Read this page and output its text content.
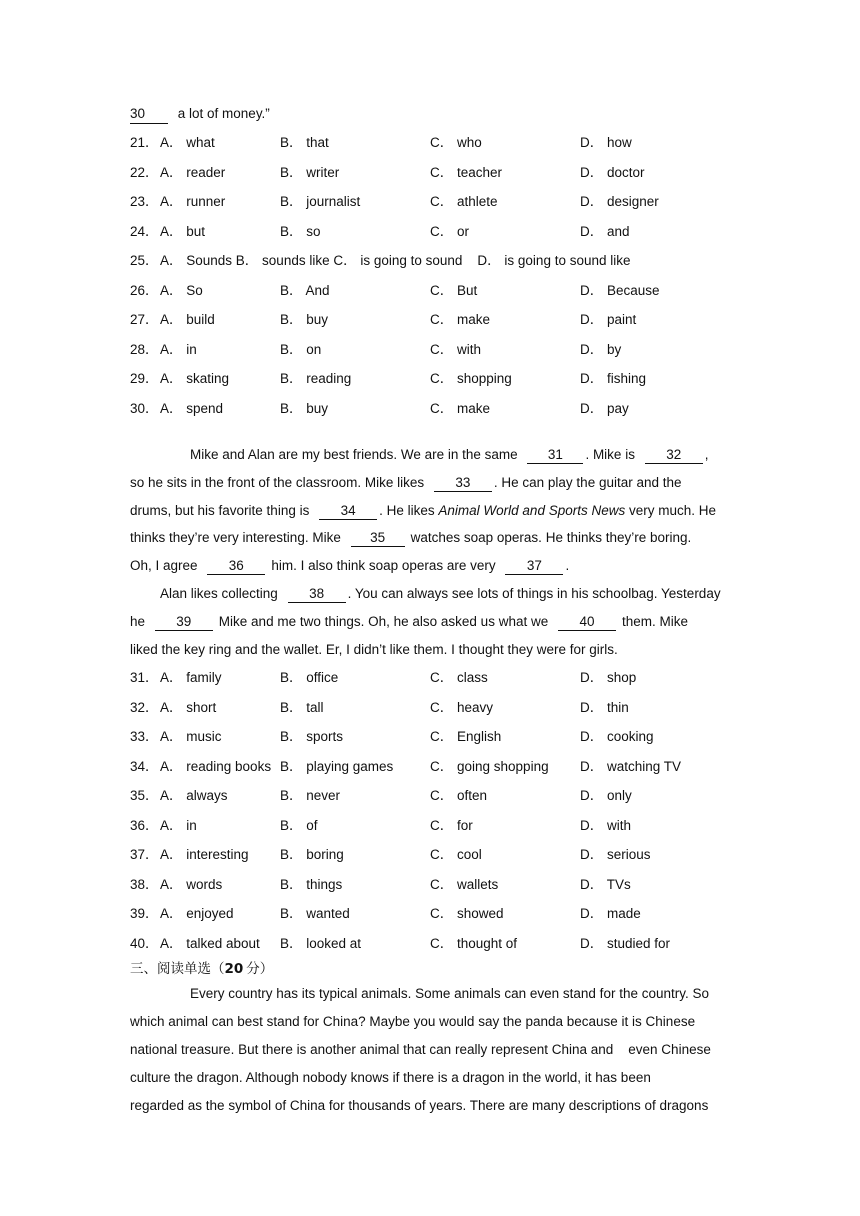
30 a lot of money.”
21． A． what	B． that	C． who	D． how
22． A． reader	B． writer	C． teacher	D． doctor
23． A． runner	B． journalist	C． athlete	D． designer
24． A． but	B． so	C． or	D． and
25． A． Sounds B． sounds like C． is going to sound    D． is going to sound like
26． A． So	B． And	C． But	D． Because
27． A． build	B． buy	C． make	D． paint
28． A． in	B． on	C． with	D． by
29． A． skating	B． reading	C． shopping	D． fishing
30． A． spend	B． buy	C． make	D． pay
Mike and Alan are my best friends. We are in the same 31 . Mike is 32 ,
so he sits in the front of the classroom. Mike likes 33 . He can play the guitar and the
drums, but his favorite thing is 34 . He likes Animal World and Sports News very much. He
thinks they’re very interesting. Mike 35 watches soap operas. He thinks they’re boring.
Oh, I agree 36 him. I also think soap operas are very 37 .
Alan likes collecting 38 . You can always see lots of things in his schoolbag. Yesterday
he 39 Mike and me two things. Oh, he also asked us what we 40 them. Mike
liked the key ring and the wallet. Er, I didn’t like them. I thought they were for girls.
31． A． family	B． office	C． class	D． shop
32． A． short	B． tall	C． heavy	D． thin
33． A． music	B． sports	C． English	D． cooking
34． A． reading books B． playing games	C． going shopping D． watching TV
35． A． always	B． never	C． often	D． only
36． A． in	B． of	C． for	D． with
37． A． interesting B． boring	C． cool	D． serious
38． A． words	B． things	C． wallets	D． TVs
39． A． enjoyed	B． wanted	C． showed	D． made
40． A． talked about B． looked at	C． thought of	D． studied for
三、阅读单选（20 分）
Every country has its typical animals. Some animals can even stand for the country. So
which animal can best stand for China? Maybe you would say the panda because it is Chinese
national treasure. But there is another animal that can really represent China and    even Chinese
culture the dragon. Although nobody knows if there is a dragon in the world, it has been
regarded as the symbol of China for thousands of years. There are many descriptions of dragons
